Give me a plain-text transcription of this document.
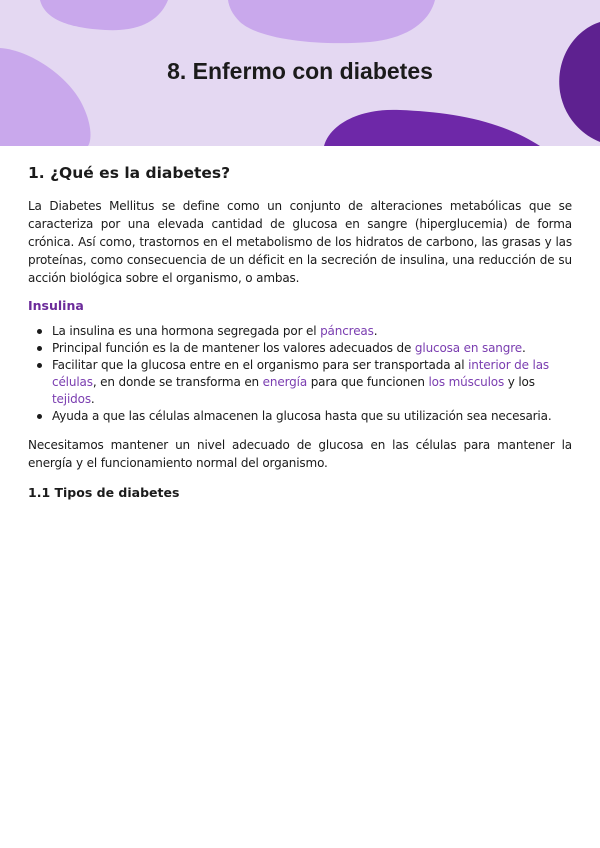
8. Enfermo con diabetes
1. ¿Qué es la diabetes?

La Diabetes Mellitus se define como un conjunto de alteraciones metabólicas que se caracteriza por una elevada cantidad de glucosa en sangre (hiperglucemia) de forma crónica. Así como, trastornos en el metabolismo de los hidratos de carbono, las grasas y las proteínas, como consecuencia de un déficit en la secreción de insulina, una reducción de su acción biológica sobre el organismo, o ambas.

Insulina
La insulina es una hormona segregada por el páncreas.
Principal función es la de mantener los valores adecuados de glucosa en sangre.
Facilitar que la glucosa entre en el organismo para ser transportada al interior de las células, en donde se transforma en energía para que funcionen los músculos y los tejidos.
Ayuda a que las células almacenen la glucosa hasta que su utilización sea necesaria.

Necesitamos mantener un nivel adecuado de glucosa en las células para mantener la energía y el funcionamiento normal del organismo.

1.1 Tipos de diabetes
